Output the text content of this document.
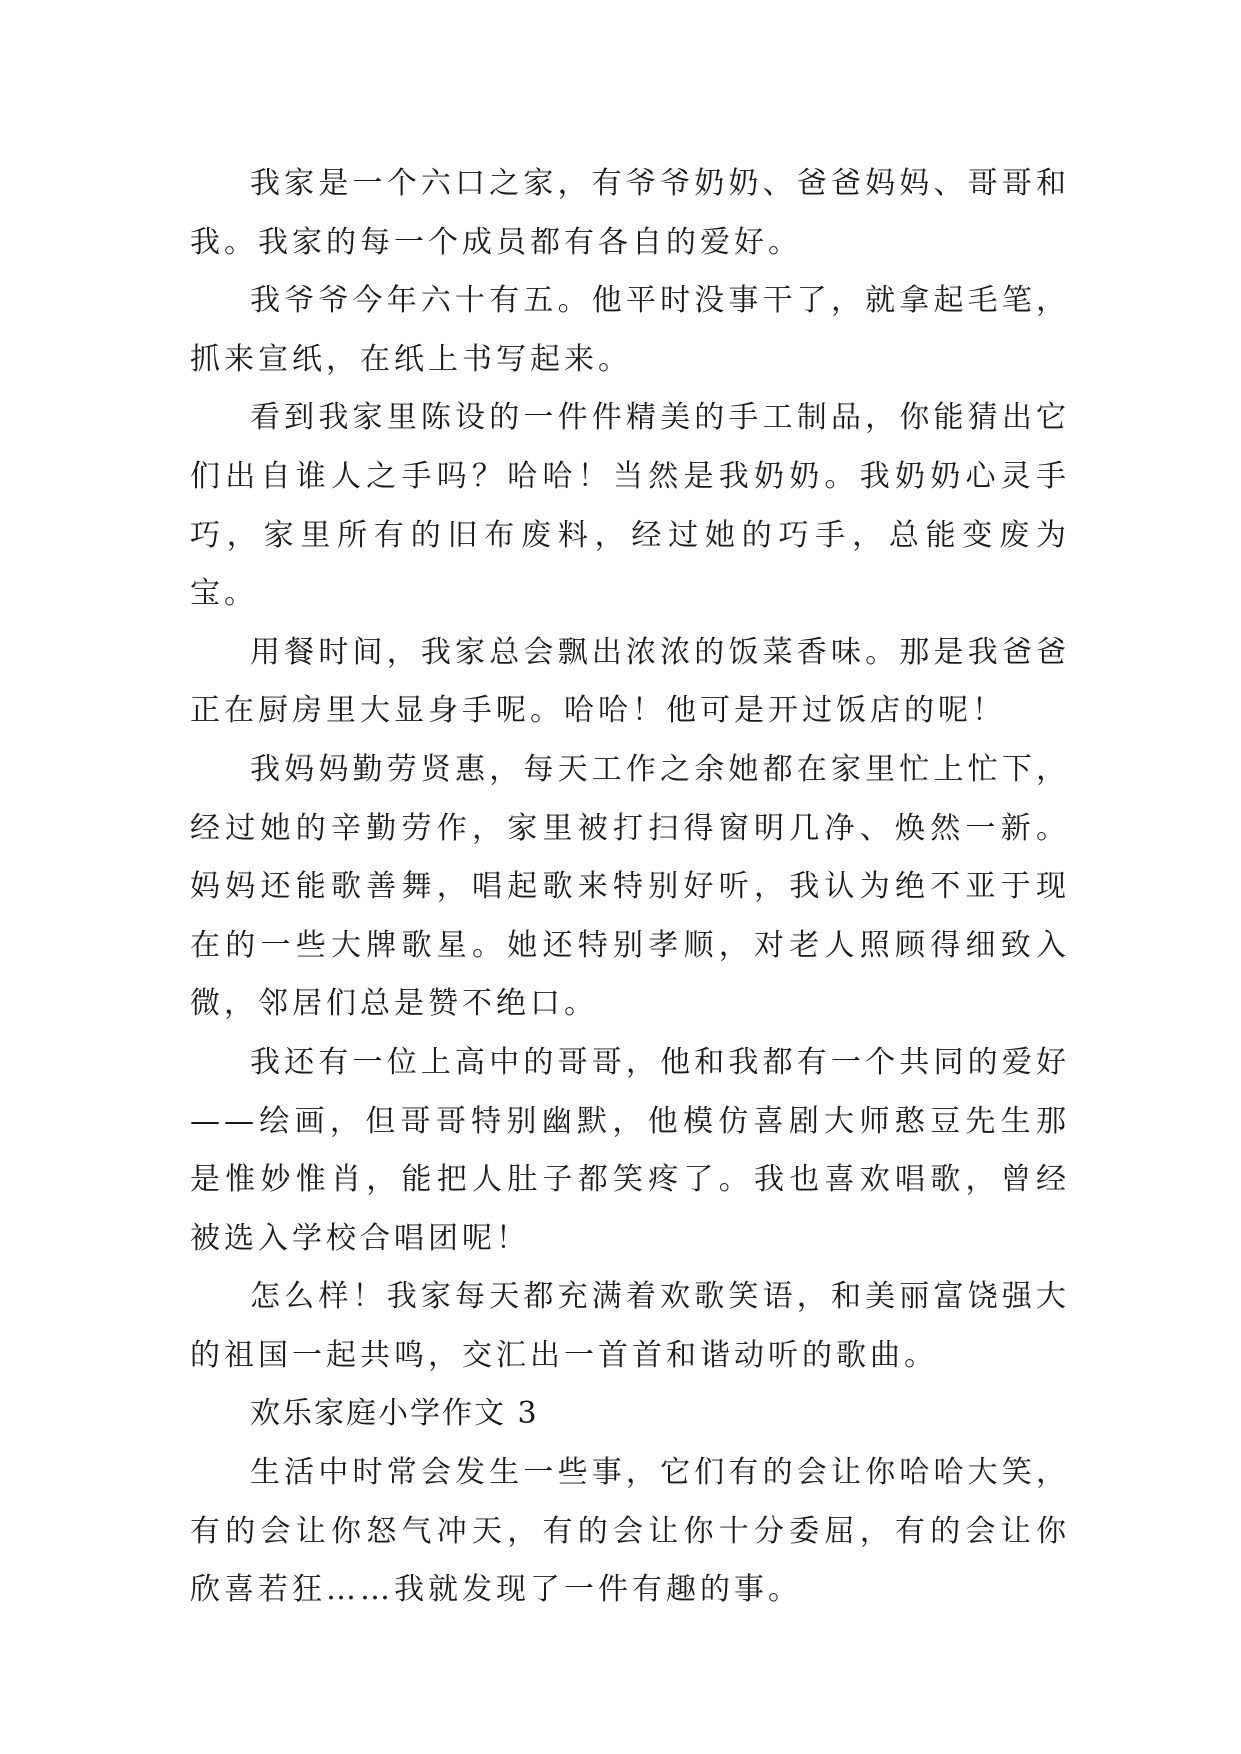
我家是一个六口之家，有爷爷奶奶、爸爸妈妈、哥哥和我。我家的每一个成员都有各自的爱好。

我爷爷今年六十有五。他平时没事干了，就拿起毛笔，抓来宣纸，在纸上书写起来。

看到我家里陈设的一件件精美的手工制品，你能猜出它们出自谁人之手吗？哈哈！当然是我奶奶。我奶奶心灵手巧，家里所有的旧布废料，经过她的巧手，总能变废为宝。

用餐时间，我家总会飘出浓浓的饭菜香味。那是我爸爸正在厨房里大显身手呢。哈哈！他可是开过饭店的呢！

我妈妈勤劳贤惠，每天工作之余她都在家里忙上忙下，经过她的辛勤劳作，家里被打扫得窗明几净、焕然一新。妈妈还能歌善舞，唱起歌来特别好听，我认为绝不亚于现在的一些大牌歌星。她还特别孝顺，对老人照顾得细致入微，邻居们总是赞不绝口。

我还有一位上高中的哥哥，他和我都有一个共同的爱好——绘画，但哥哥特别幽默，他模仿喜剧大师憨豆先生那是惟妙惟肖，能把人肚子都笑疼了。我也喜欢唱歌，曾经被选入学校合唱团呢！

怎么样！我家每天都充满着欢歌笑语，和美丽富饶强大的祖国一起共鸣，交汇出一首首和谐动听的歌曲。

欢乐家庭小学作文 3

生活中时常会发生一些事，它们有的会让你哈哈大笑，有的会让你怒气冲天，有的会让你十分委屈，有的会让你欣喜若狂……我就发现了一件有趣的事。
